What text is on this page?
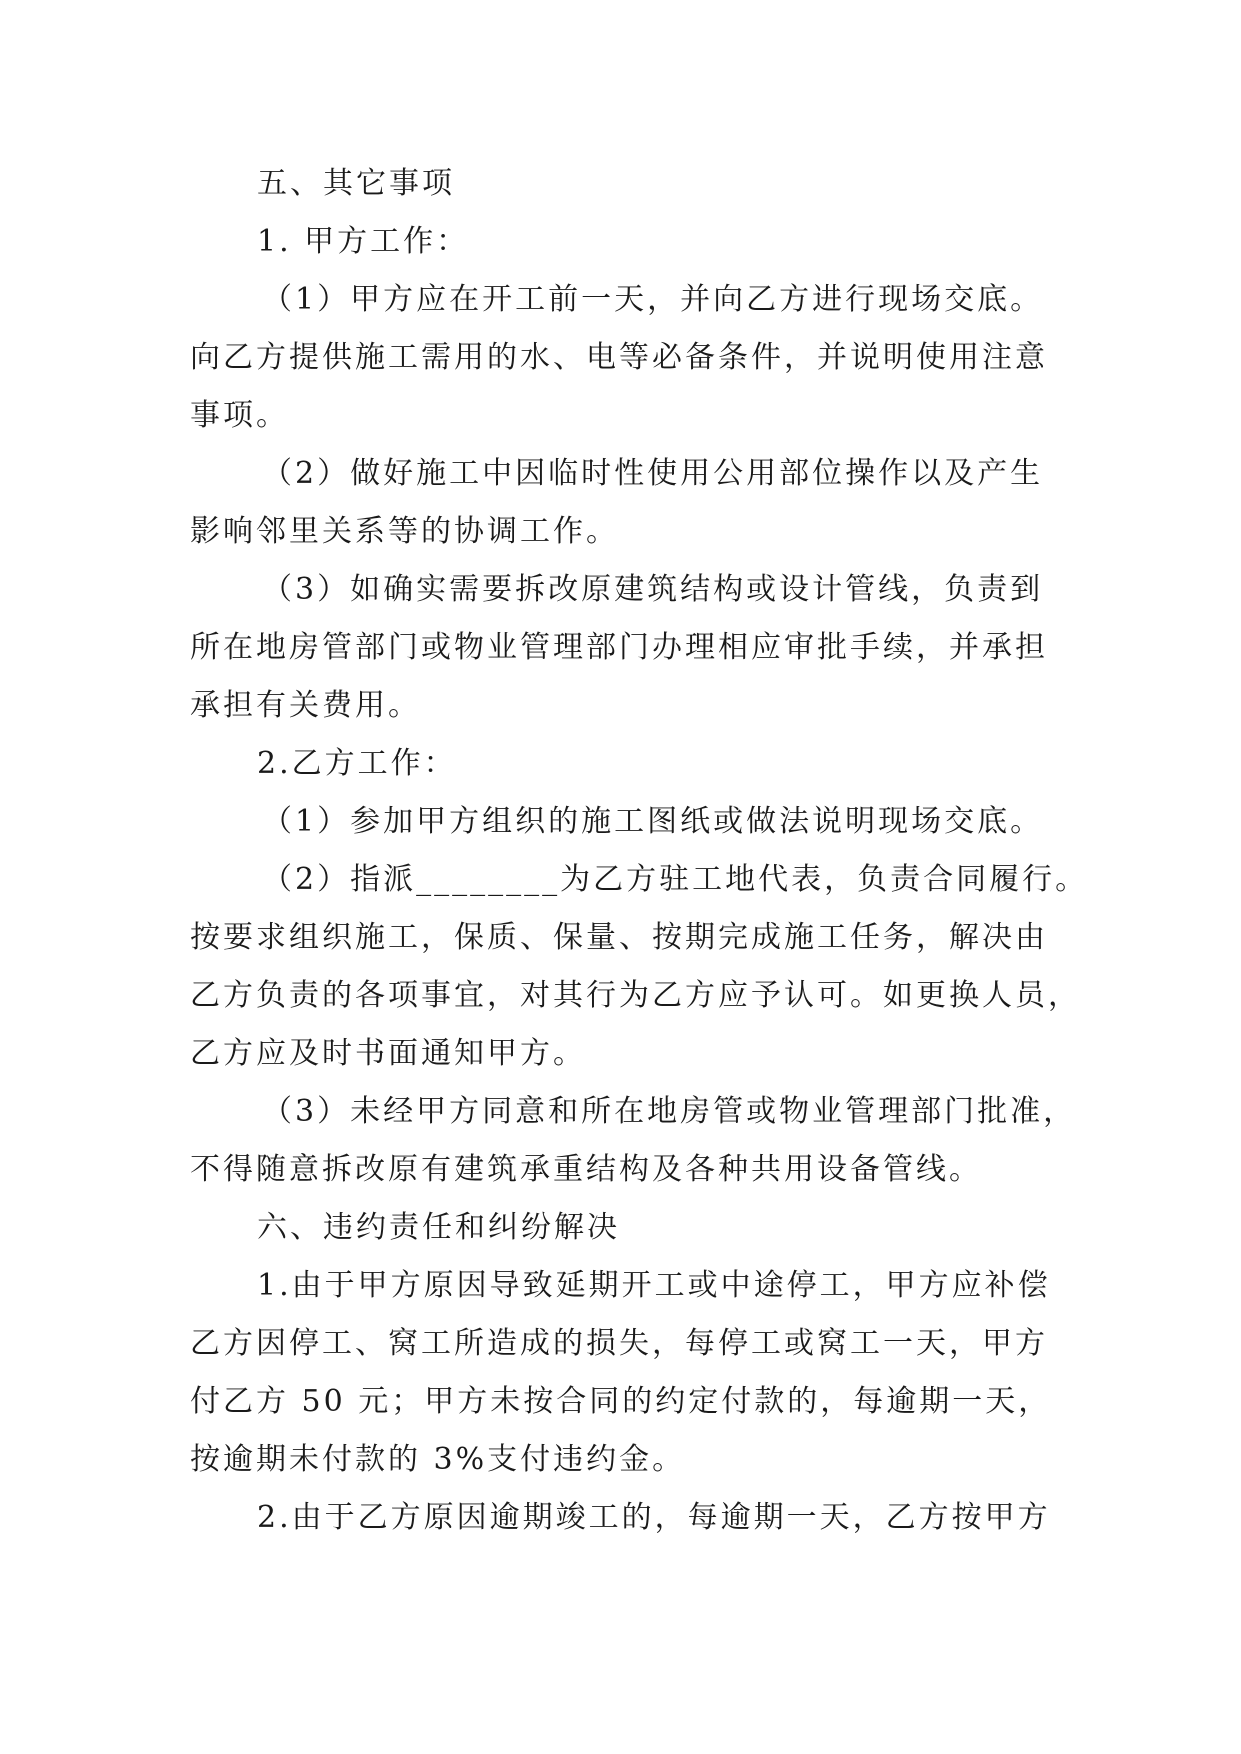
五、其它事项
1. 甲方工作：
（1）甲方应在开工前一天，并向乙方进行现场交底。
向乙方提供施工需用的水、电等必备条件，并说明使用注意
事项。
（2）做好施工中因临时性使用公用部位操作以及产生
影响邻里关系等的协调工作。
（3）如确实需要拆改原建筑结构或设计管线，负责到
所在地房管部门或物业管理部门办理相应审批手续，并承担
承担有关费用。
2.乙方工作：
（1）参加甲方组织的施工图纸或做法说明现场交底。
（2）指派________为乙方驻工地代表，负责合同履行。
按要求组织施工，保质、保量、按期完成施工任务，解决由
乙方负责的各项事宜，对其行为乙方应予认可。如更换人员，
乙方应及时书面通知甲方。
（3）未经甲方同意和所在地房管或物业管理部门批准，
不得随意拆改原有建筑承重结构及各种共用设备管线。
六、违约责任和纠纷解决
1.由于甲方原因导致延期开工或中途停工，甲方应补偿
乙方因停工、窝工所造成的损失，每停工或窝工一天，甲方
付乙方 50 元；甲方未按合同的约定付款的，每逾期一天，
按逾期未付款的 3%支付违约金。
2.由于乙方原因逾期竣工的，每逾期一天，乙方按甲方
